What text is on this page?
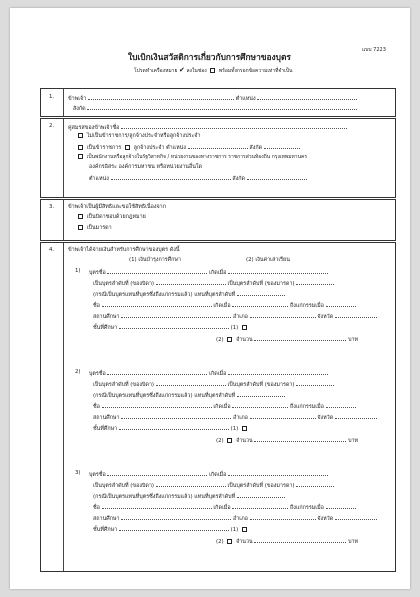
แบบ 7223
ใบเบิกเงินสวัสดิการเกี่ยวกับการศึกษาของบุตร
โปรดทำเครื่องหมาย ✔ ลงในช่อง พร้อมทั้งกรอกข้อความเท่าที่จำเป็น
1.	ข้าพเจ้า	ตำแหน่ง
สังกัด
2.	คู่สมรสของข้าพเจ้าชื่อ
ไม่เป็นข้าราชการ/ลูกจ้างประจำหรือลูกจ้างประจำ
เป็นข้าราชการ ลูกจ้างประจำ ตำแหน่ง	สังกัด
เป็นพนักงานหรือลูกจ้างในรัฐวิสาหกิจ / หน่วยงานของทางราชการ ราชการส่วนท้องถิ่น กรุงเทพมหานคร
องค์กรอิสระ องค์การมหาชน หรือหน่วยงานอื่นใด
ตำแหน่ง	สังกัด
3.	ข้าพเจ้าเป็นผู้มีสิทธิและขอใช้สิทธิเนื่องจาก
เป็นบิดาชอบด้วยกฎหมาย
เป็นมารดา
4.	ข้าพเจ้าได้จ่ายเงินสำหรับการศึกษาของบุตร ดังนี้
(1) เงินบำรุงการศึกษา	(2) เงินค่าเล่าเรียน
1) บุตรชื่อ	เกิดเมื่อ
เป็นบุตรลำดับที่ (ของบิดา)	เป็นบุตรลำดับที่ (ของมารดา)
(กรณีเป็นบุตรแทนที่บุตรซึ่งถึงแก่กรรมแล้ว) แทนที่บุตรลำดับที่
ชื่อ	เกิดเมื่อ	ถึงแก่กรรมเมื่อ
สถานศึกษา	อำเภอ	จังหวัด
ชั้นที่ศึกษา	(1)
(2) จำนวน	บาท
2) บุตรชื่อ	เกิดเมื่อ
เป็นบุตรลำดับที่ (ของบิดา)	เป็นบุตรลำดับที่ (ของมารดา)
(กรณีเป็นบุตรแทนที่บุตรซึ่งถึงแก่กรรมแล้ว) แทนที่บุตรลำดับที่
ชื่อ	เกิดเมื่อ	ถึงแก่กรรมเมื่อ
สถานศึกษา	อำเภอ	จังหวัด
ชั้นที่ศึกษา	(1)
(2) จำนวน	บาท
3) บุตรชื่อ	เกิดเมื่อ
เป็นบุตรลำดับที่ (ของบิดา)	เป็นบุตรลำดับที่ (ของมารดา)
(กรณีเป็นบุตรแทนที่บุตรซึ่งถึงแก่กรรมแล้ว) แทนที่บุตรลำดับที่
ชื่อ	เกิดเมื่อ	ถึงแก่กรรมเมื่อ
สถานศึกษา	อำเภอ	จังหวัด
ชั้นที่ศึกษา	(1)
(2) จำนวน	บาท
